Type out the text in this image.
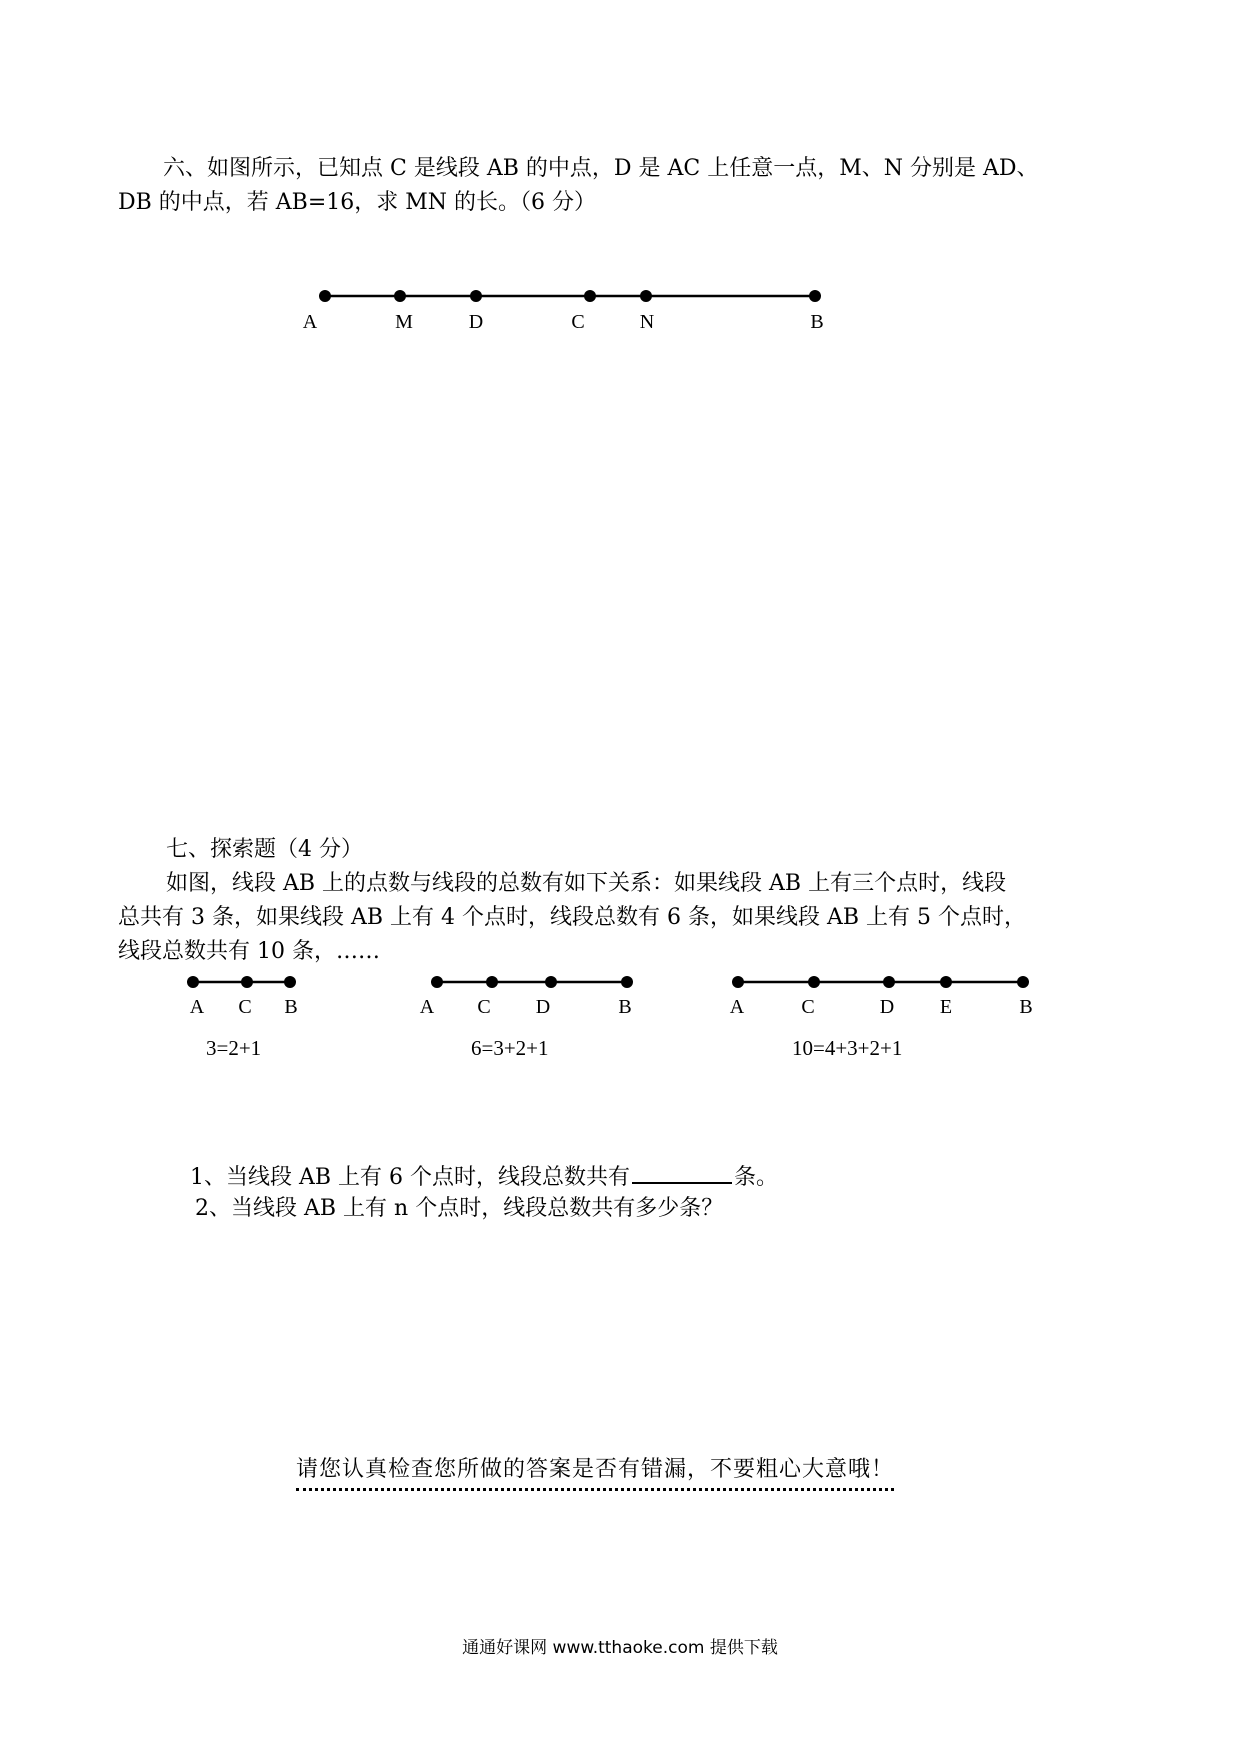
六、如图所示，已知点 C 是线段 AB 的中点，D 是 AC 上任意一点，M、N 分别是 AD、
DB 的中点，若 AB=16，求 MN 的长。（6 分）
A	M	D	C	N	B
七、探索题（4 分）
如图，线段 AB 上的点数与线段的总数有如下关系：如果线段 AB 上有三个点时，线段
总共有 3 条，如果线段 AB 上有 4 个点时，线段总数有 6 条，如果线段 AB 上有 5 个点时，
线段总数共有 10 条，……
A C B
3=2+1
A C D	B
6=3+2+1
A	C	D E	B
10=4+3+2+1
1、当线段 AB 上有 6 个点时，线段总数共有	条。
2、当线段 AB 上有 n 个点时，线段总数共有多少条？
请您认真检查您所做的答案是否有错漏，不要粗心大意哦！
通通好课网 www.tthaoke.com 提供下载
